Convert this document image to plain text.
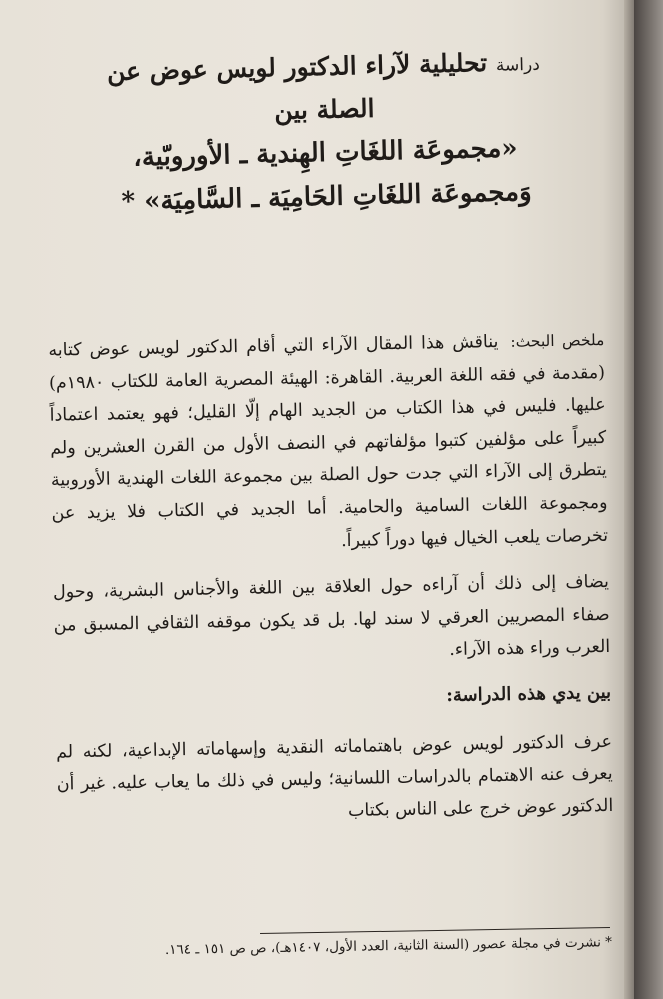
دراسة تحليلية لآراء الدكتور لويس عوض عن
الصلة بين
«مجموعَة اللغَاتِ الهِندية ـ الأوروبّية،
وَمجموعَة اللغَاتِ الحَامِيَة ـ السَّامِيَة» *

ملخص البحث:يناقش هذا المقال الآراء التي أقام الدكتور لويس عوض كتابه (مقدمة في فقه اللغة العربية. القاهرة: الهيئة المصرية العامة للكتاب ١٩٨٠م) عليها. فليس في هذا الكتاب من الجديد الهام إلّا القليل؛ فهو يعتمد اعتماداً كبيراً على مؤلفين كتبوا مؤلفاتهم في النصف الأول من القرن العشرين ولم يتطرق إلى الآراء التي جدت حول الصلة بين مجموعة اللغات الهندية الأوروبية ومجموعة اللغات السامية والحامية. أما الجديد في الكتاب فلا يزيد عن تخرصات يلعب الخيال فيها دوراً كبيراً.

يضاف إلى ذلك أن آراءه حول العلاقة بين اللغة والأجناس البشرية، وحول صفاء المصريين العرقي لا سند لها. بل قد يكون موقفه الثقافي المسبق من العرب وراء هذه الآراء.

بين يدي هذه الدراسة:

عرف الدكتور لويس عوض باهتماماته النقدية وإسهاماته الإبداعية، لكنه لم يعرف عنه الاهتمام بالدراسات اللسانية؛ وليس في ذلك ما يعاب عليه. غير أن الدكتور عوض خرج على الناس بكتاب

* نشرت في مجلة عصور (السنة الثانية، العدد الأول، ١٤٠٧هـ)، ص ص ١٥١ ـ ١٦٤.
